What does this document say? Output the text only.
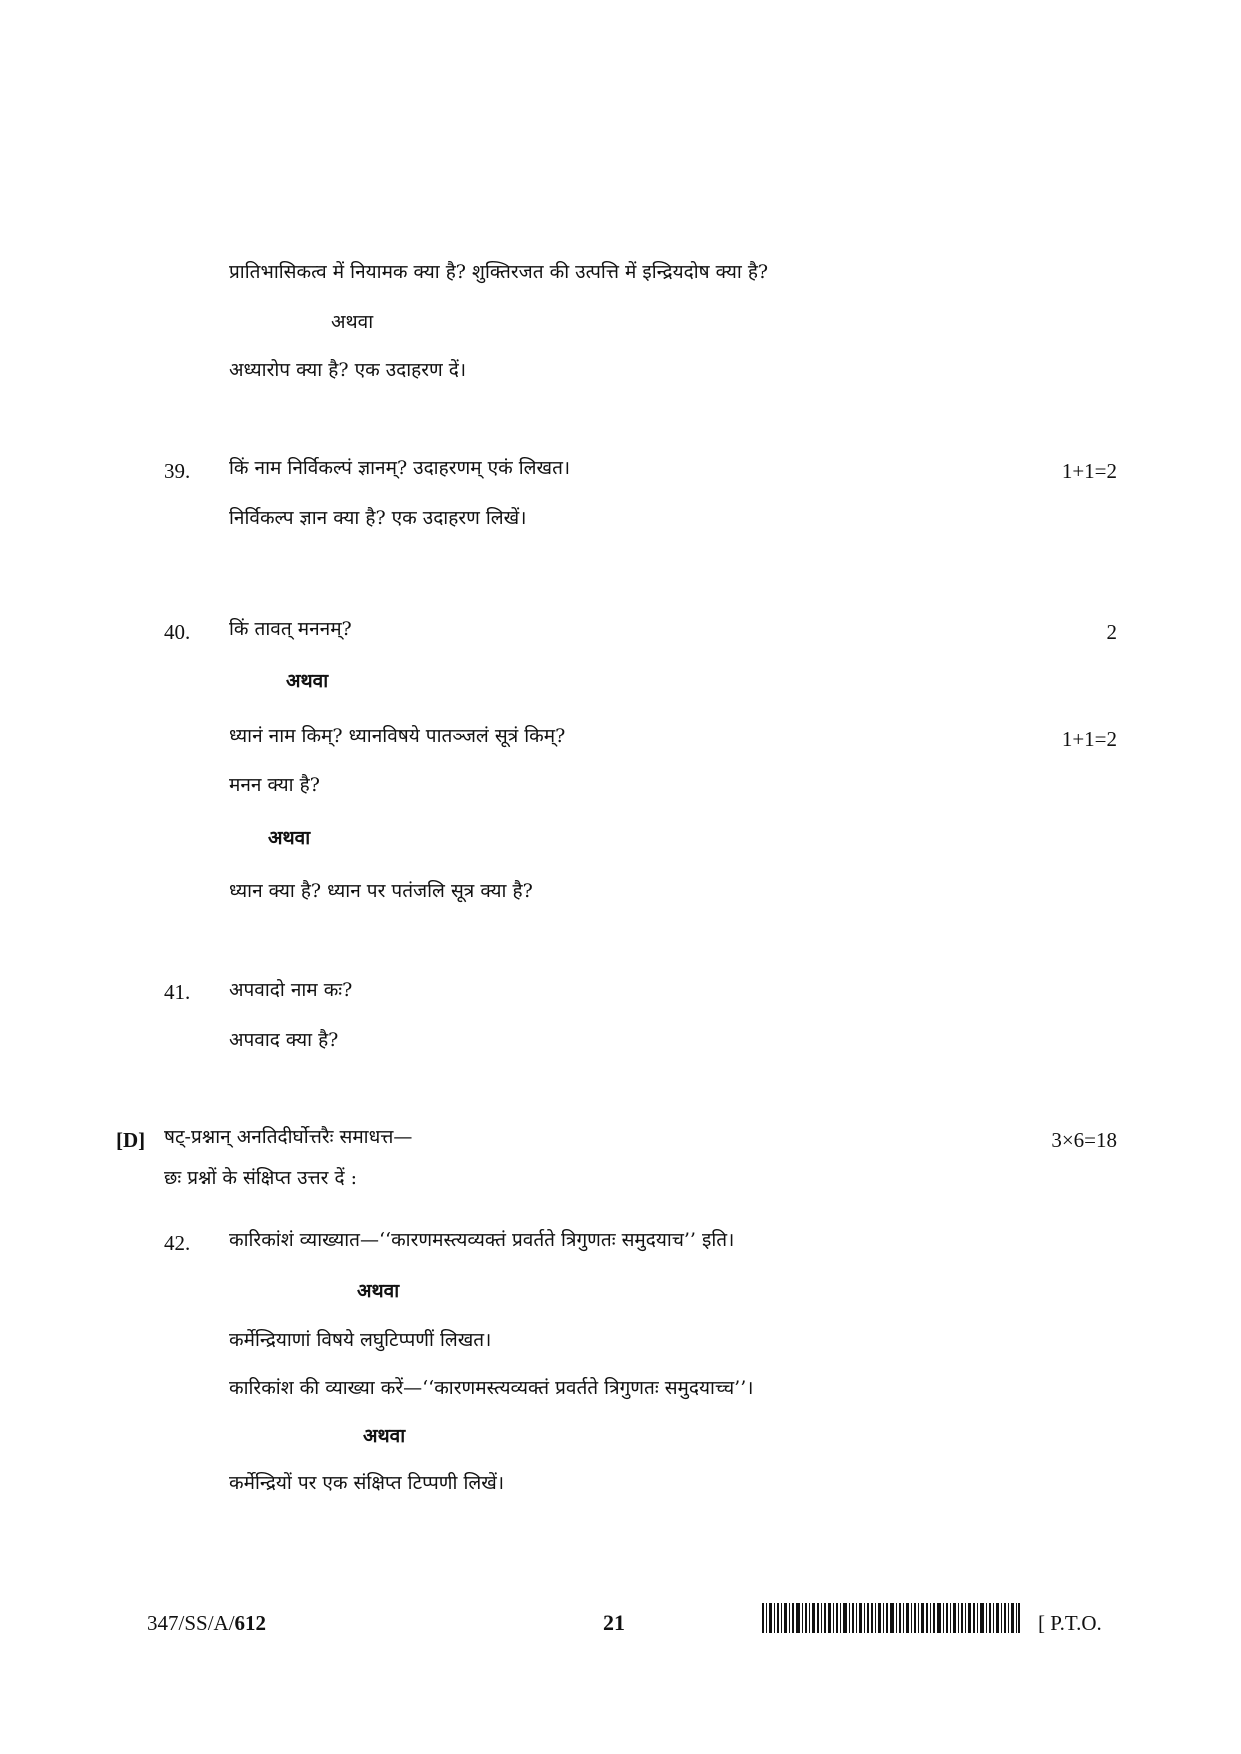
प्रातिभासिकत्व में नियामक क्या है? शुक्तिरजत की उत्पत्ति में इन्द्रियदोष क्या है?
अथवा
अध्यारोप क्या है? एक उदाहरण दें।
39. किं नाम निर्विकल्पं ज्ञानम्? उदाहरणम् एकं लिखत।	1+1=2
निर्विकल्प ज्ञान क्या है? एक उदाहरण लिखें।
40. किं तावत् मननम्?	2
अथवा
ध्यानं नाम किम्? ध्यानविषये पातञ्जलं सूत्रं किम्?	1+1=2
मनन क्या है?
अथवा
ध्यान क्या है? ध्यान पर पतंजलि सूत्र क्या है?
41. अपवादो नाम कः?
अपवाद क्या है?
[D] षट्-प्रश्नान् अनतिदीर्घोत्तरैः समाधत्त—	3×6=18
छः प्रश्नों के संक्षिप्त उत्तर दें :
42. कारिकांशं व्याख्यात—‘‘कारणमस्त्यव्यक्तं प्रवर्तते त्रिगुणतः समुदयाच’’ इति।
अथवा
कर्मेन्द्रियाणां विषये लघुटिप्पणीं लिखत।
कारिकांश की व्याख्या करें—‘‘कारणमस्त्यव्यक्तं प्रवर्तते त्रिगुणतः समुदयाच्च’’।
अथवा
कर्मेन्द्रियों पर एक संक्षिप्त टिप्पणी लिखें।
347/SS/A/612	21	[ P.T.O.
